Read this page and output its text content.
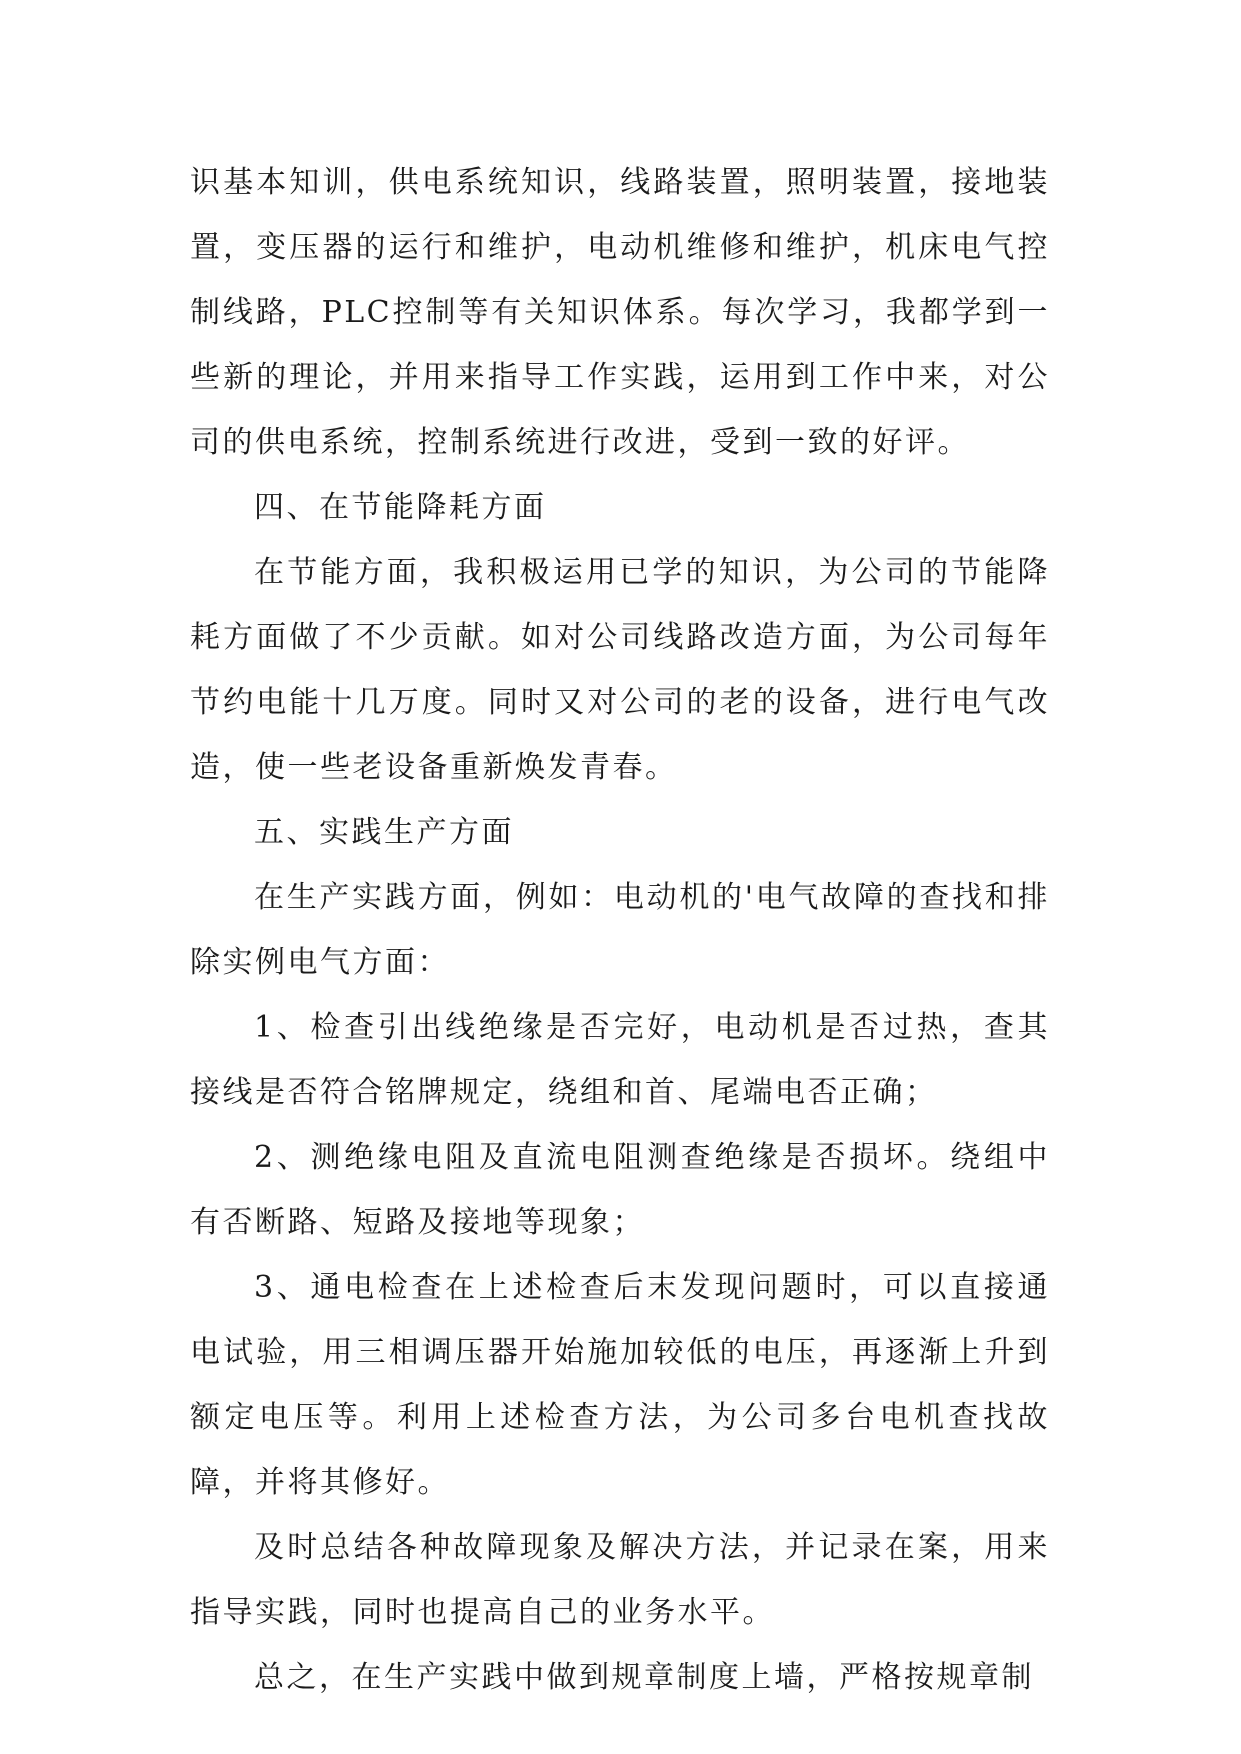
识基本知训，供电系统知识，线路装置，照明装置，接地装置，变压器的运行和维护，电动机维修和维护，机床电气控制线路，PLC控制等有关知识体系。每次学习，我都学到一些新的理论，并用来指导工作实践，运用到工作中来，对公司的供电系统，控制系统进行改进，受到一致的好评。

四、在节能降耗方面

在节能方面，我积极运用已学的知识，为公司的节能降耗方面做了不少贡献。如对公司线路改造方面，为公司每年节约电能十几万度。同时又对公司的老的设备，进行电气改造，使一些老设备重新焕发青春。

五、实践生产方面

在生产实践方面，例如：电动机的'电气故障的查找和排除实例电气方面：

1、检查引出线绝缘是否完好，电动机是否过热，查其接线是否符合铭牌规定，绕组和首、尾端电否正确；

2、测绝缘电阻及直流电阻测查绝缘是否损坏。绕组中有否断路、短路及接地等现象；

3、通电检查在上述检查后末发现问题时，可以直接通电试验，用三相调压器开始施加较低的电压，再逐渐上升到额定电压等。利用上述检查方法，为公司多台电机查找故障，并将其修好。

及时总结各种故障现象及解决方法，并记录在案，用来指导实践，同时也提高自己的业务水平。

总之，在生产实践中做到规章制度上墙，严格按规章制
